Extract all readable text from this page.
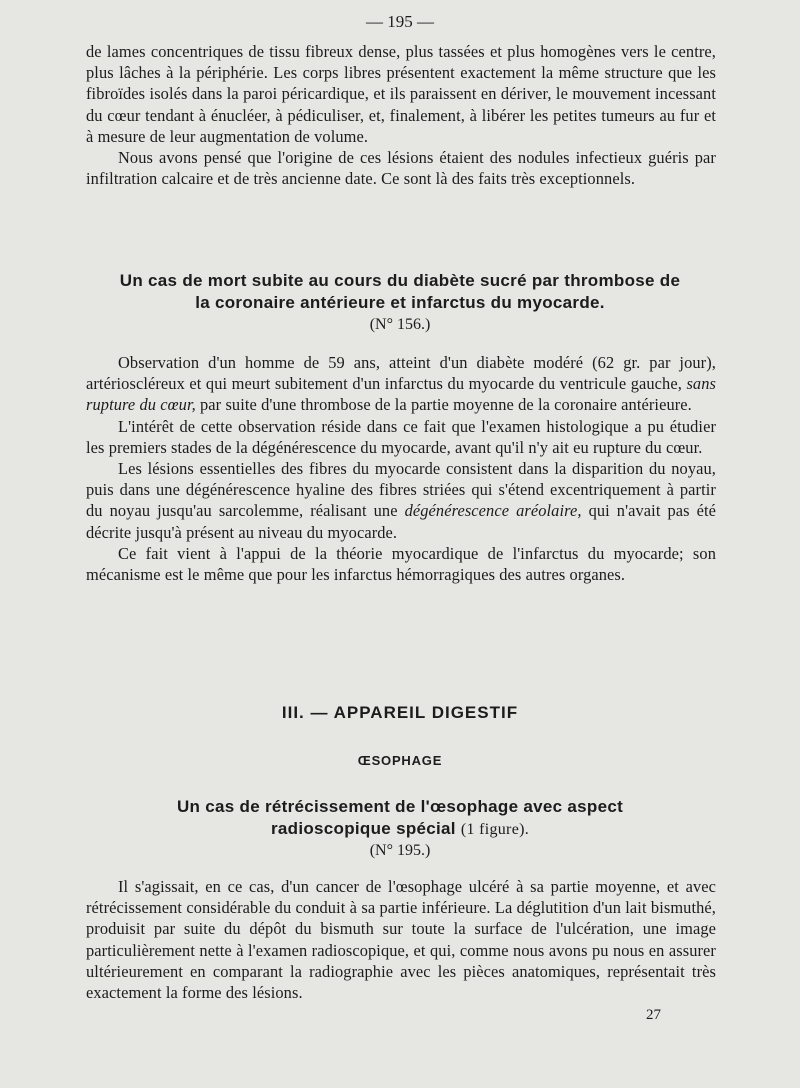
— 195 —

de lames concentriques de tissu fibreux dense, plus tassées et plus homogènes vers le centre, plus lâches à la périphérie. Les corps libres présentent exactement la même structure que les fibroïdes isolés dans la paroi péricardique, et ils paraissent en dériver, le mouvement incessant du cœur tendant à énucléer, à pédiculiser, et, finalement, à libérer les petites tumeurs au fur et à mesure de leur augmentation de volume.

Nous avons pensé que l'origine de ces lésions étaient des nodules infectieux guéris par infiltration calcaire et de très ancienne date. Ce sont là des faits très exceptionnels.

Un cas de mort subite au cours du diabète sucré par thrombose de
la coronaire antérieure et infarctus du myocarde.
(N° 156.)

Observation d'un homme de 59 ans, atteint d'un diabète modéré (62 gr. par jour), artérioscléreux et qui meurt subitement d'un infarctus du myocarde du ventricule gauche, sans rupture du cœur, par suite d'une thrombose de la partie moyenne de la coronaire antérieure.

L'intérêt de cette observation réside dans ce fait que l'examen histologique a pu étudier les premiers stades de la dégénérescence du myocarde, avant qu'il n'y ait eu rupture du cœur.

Les lésions essentielles des fibres du myocarde consistent dans la disparition du noyau, puis dans une dégénérescence hyaline des fibres striées qui s'étend excentriquement à partir du noyau jusqu'au sarcolemme, réalisant une dégénérescence aréolaire, qui n'avait pas été décrite jusqu'à présent au niveau du myocarde.

Ce fait vient à l'appui de la théorie myocardique de l'infarctus du myocarde; son mécanisme est le même que pour les infarctus hémorragiques des autres organes.

III. — APPAREIL DIGESTIF
ŒSOPHAGE
Un cas de rétrécissement de l'œsophage avec aspect
radioscopique spécial (1 figure).
(N° 195.)

Il s'agissait, en ce cas, d'un cancer de l'œsophage ulcéré à sa partie moyenne, et avec rétrécissement considérable du conduit à sa partie inférieure. La déglutition d'un lait bismuthé, produisit par suite du dépôt du bismuth sur toute la surface de l'ulcération, une image particulièrement nette à l'examen radioscopique, et qui, comme nous avons pu nous en assurer ultérieurement en comparant la radiographie avec les pièces anatomiques, représentait très exactement la forme des lésions.

27
